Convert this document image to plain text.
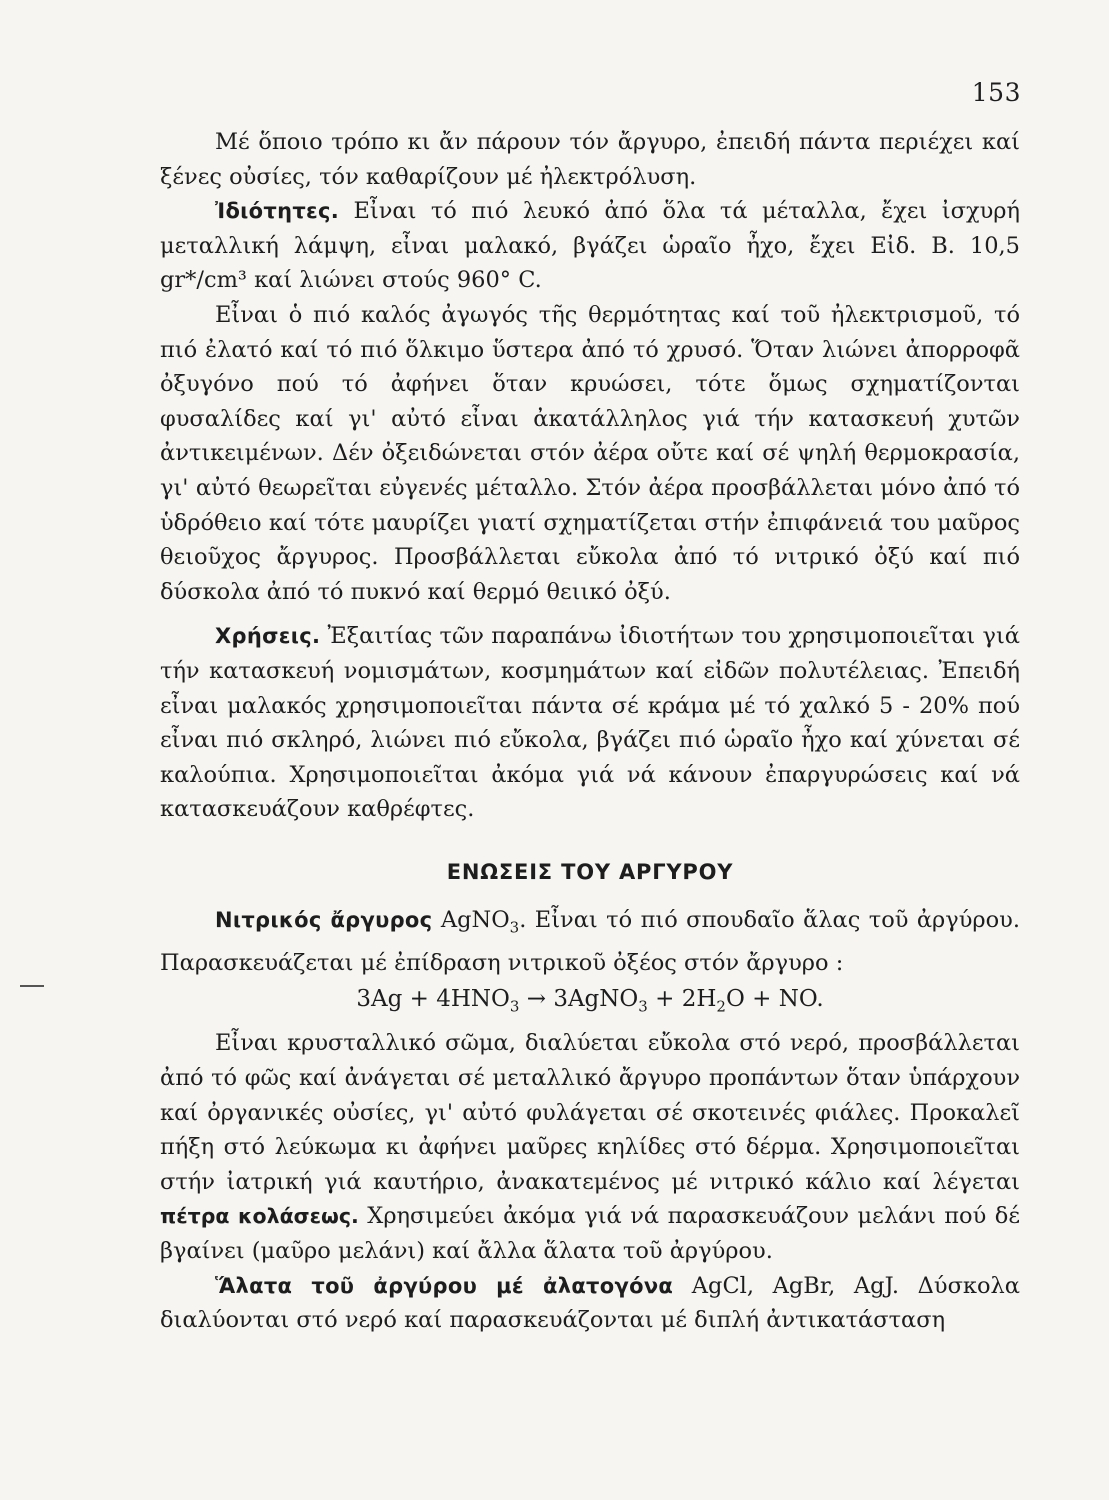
153

Μέ ὅποιο τρόπο κι ἄν πάρουν τόν ἄργυρο, ἐπειδή πάντα περιέχει καί ξένες οὐσίες, τόν καθαρίζουν μέ ἠλεκτρόλυση.

Ἰδιότητες. Εἶναι τό πιό λευκό ἀπό ὅλα τά μέταλλα, ἔχει ἰσχυρή μεταλλική λάμψη, εἶναι μαλακό, βγάζει ὡραῖο ἦχο, ἔχει Εἰδ. Β. 10,5 gr*/cm³ καί λιώνει στούς 960° C.

Εἶναι ὁ πιό καλός ἀγωγός τῆς θερμότητας καί τοῦ ἠλεκτρισμοῦ, τό πιό ἐλατό καί τό πιό ὅλκιμο ὕστερα ἀπό τό χρυσό. Ὅταν λιώνει ἀπορροφᾶ ὀξυγόνο πού τό ἀφήνει ὅταν κρυώσει, τότε ὅμως σχηματίζονται φυσαλίδες καί γι' αὐτό εἶναι ἀκατάλληλος γιά τήν κατασκευή χυτῶν ἀντικειμένων. Δέν ὀξειδώνεται στόν ἀέρα οὔτε καί σέ ψηλή θερμοκρασία, γι' αὐτό θεωρεῖται εὐγενές μέταλλο. Στόν ἀέρα προσβάλλεται μόνο ἀπό τό ὑδρόθειο καί τότε μαυρίζει γιατί σχηματίζεται στήν ἐπιφάνειά του μαῦρος θειοῦχος ἄργυρος. Προσβάλλεται εὔκολα ἀπό τό νιτρικό ὀξύ καί πιό δύσκολα ἀπό τό πυκνό καί θερμό θειικό ὀξύ.

Χρήσεις. Ἐξαιτίας τῶν παραπάνω ἰδιοτήτων του χρησιμοποιεῖται γιά τήν κατασκευή νομισμάτων, κοσμημάτων καί εἰδῶν πολυτέλειας. Ἐπειδή εἶναι μαλακός χρησιμοποιεῖται πάντα σέ κράμα μέ τό χαλκό 5 - 20% πού εἶναι πιό σκληρό, λιώνει πιό εὔκολα, βγάζει πιό ὡραῖο ἦχο καί χύνεται σέ καλούπια. Χρησιμοποιεῖται ἀκόμα γιά νά κάνουν ἐπαργυρώσεις καί νά κατασκευάζουν καθρέφτες.

ΕΝΩΣΕΙΣ ΤΟΥ ΑΡΓΥΡΟΥ

Νιτρικός ἄργυρος AgNO$_3$. Εἶναι τό πιό σπουδαῖο ἅλας τοῦ ἀργύρου. Παρασκευάζεται μέ ἐπίδραση νιτρικοῦ ὀξέος στόν ἄργυρο :

$3Ag + 4HNO_3$ → 3AgNO$_3$ + $2H_2O$ + NO.

Εἶναι κρυσταλλικό σῶμα, διαλύεται εὔκολα στό νερό, προσβάλλεται ἀπό τό φῶς καί ἀνάγεται σέ μεταλλικό ἄργυρο προπάντων ὅταν ὑπάρχουν καί ὀργανικές οὐσίες, γι' αὐτό φυλάγεται σέ σκοτεινές φιάλες. Προκαλεῖ πήξη στό λεύκωμα κι ἀφήνει μαῦρες κηλίδες στό δέρμα. Χρησιμοποιεῖται στήν ἰατρική γιά καυτήριο, ἀνακατεμένος μέ νιτρικό κάλιο καί λέγεται πέτρα κολάσεως. Χρησιμεύει ἀκόμα γιά νά παρασκευάζουν μελάνι πού δέ βγαίνει (μαῦρο μελάνι) καί ἄλλα ἅλατα τοῦ ἀργύρου.

Ἅλατα τοῦ ἀργύρου μέ ἀλατογόνα AgCl, AgBr, AgJ. Δύσκολα διαλύονται στό νερό καί παρασκευάζονται μέ διπλή ἀντικατάσταση
